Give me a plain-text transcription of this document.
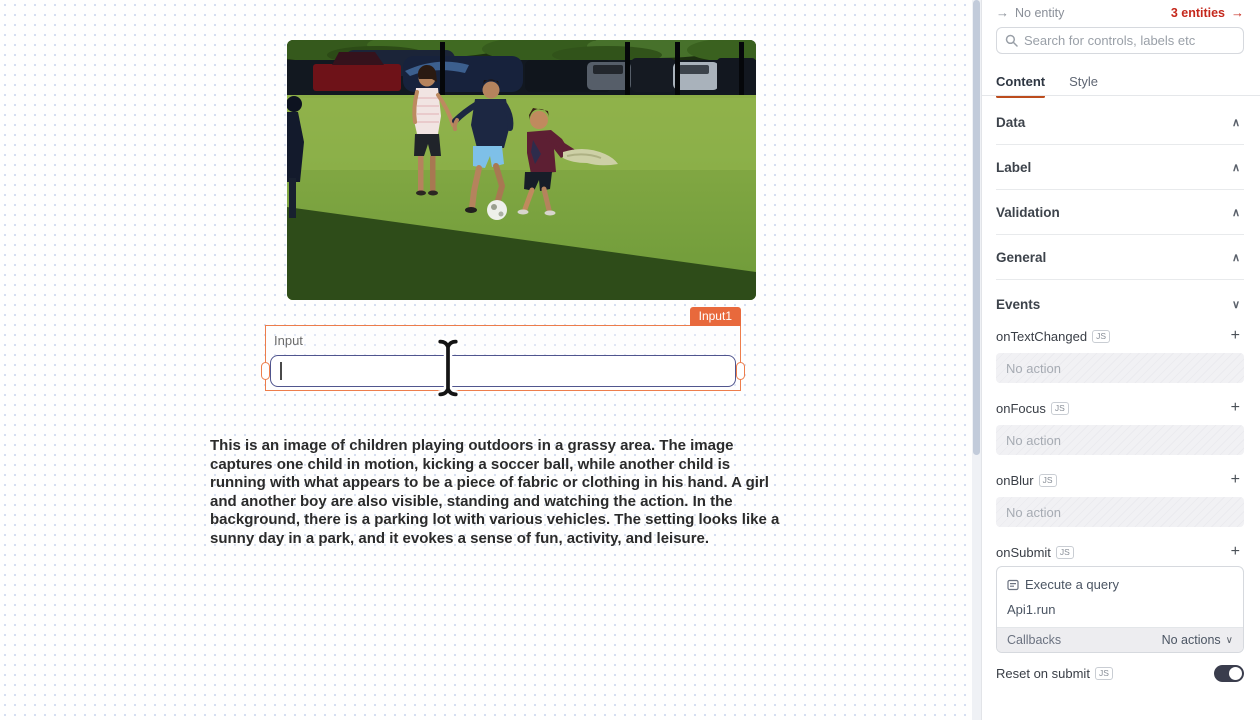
Input1
Input
This is an image of children playing outdoors in a grassy area. The image captures one child in motion, kicking a soccer ball, while another child is running with what appears to be a piece of fabric or clothing in his hand. A girl and another boy are also visible, standing and watching the action. In the background, there is a parking lot with various vehicles. The setting looks like a sunny day in a park, and it evokes a sense of fun, activity, and leisure.
→ No entity	3 entities →
Search for controls, labels etc
Content Style
Data	∧
Label	∧
Validation	∧
General	∧
Events	∨
onTextChanged	JS	+
No action
onFocus	JS	+
No action
onBlur	JS	+
No action
onSubmit	JS	+
Execute a query
Api1.run
Callbacks	No actions ∨
Reset on submit	JS
